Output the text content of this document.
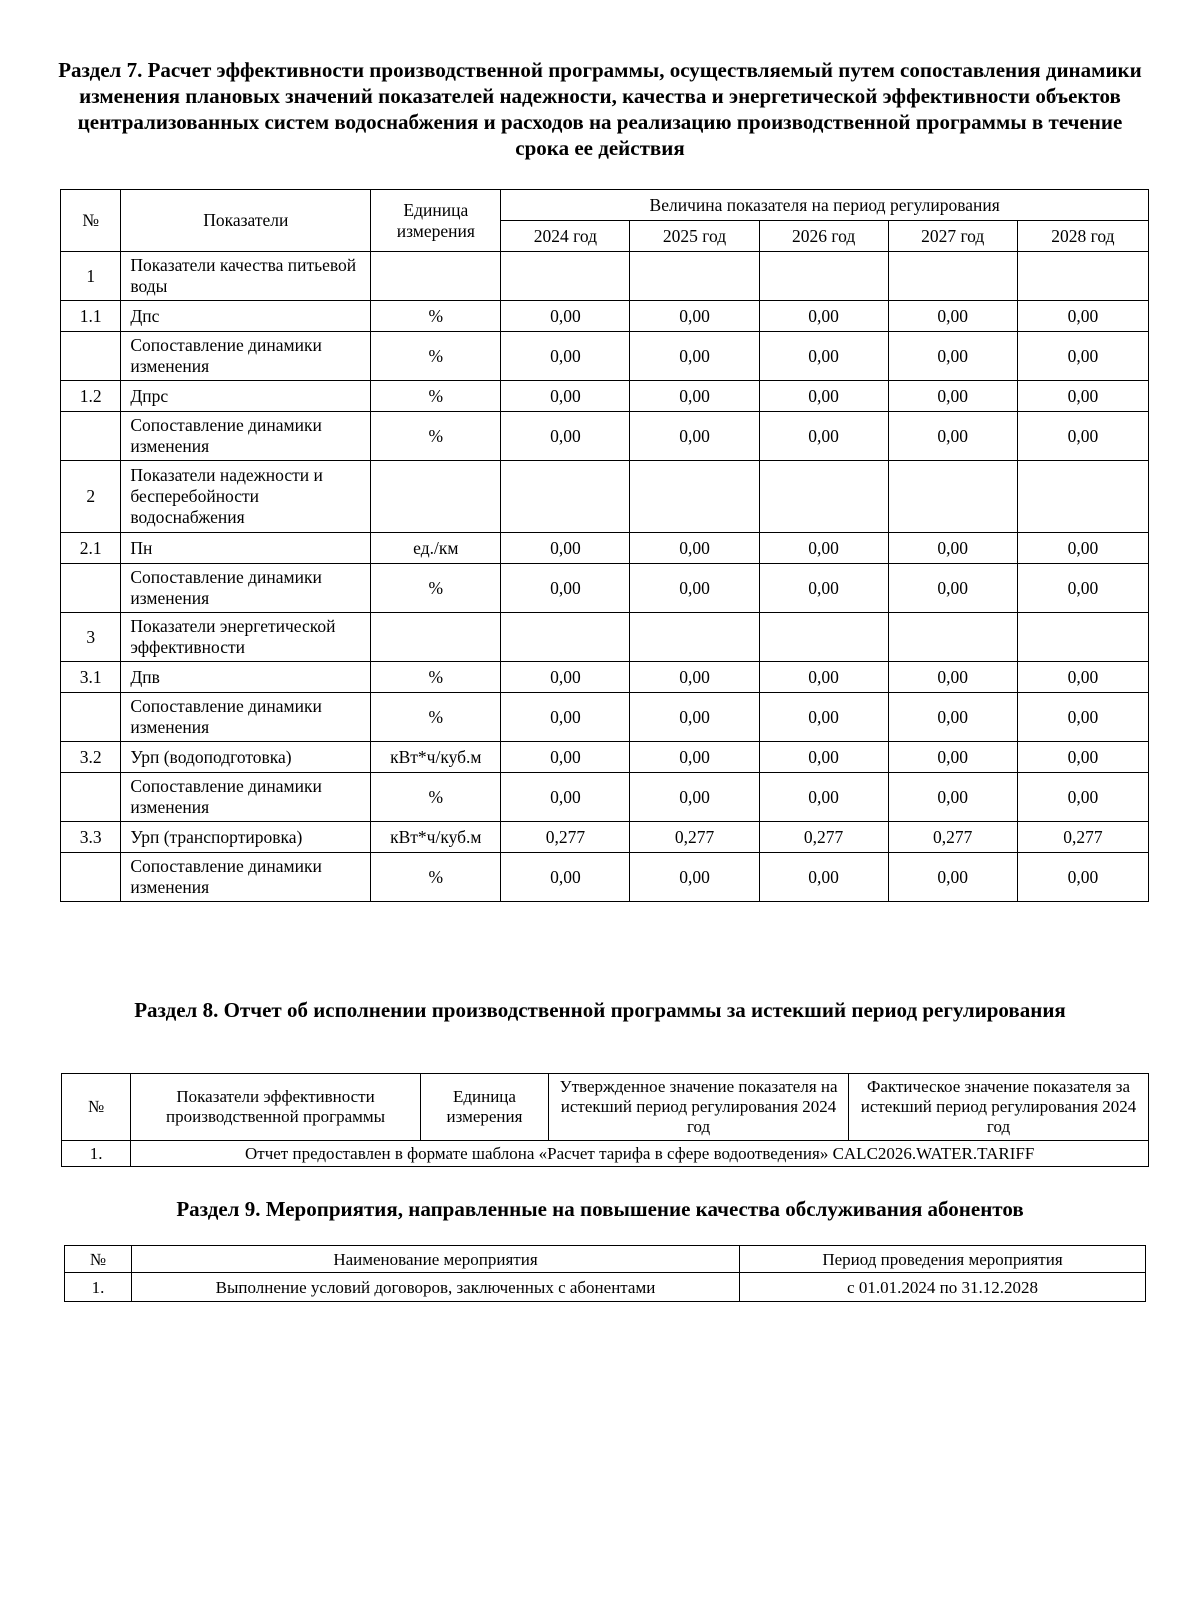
Раздел 7. Расчет эффективности производственной программы, осуществляемый путем сопоставления динамики изменения плановых значений показателей надежности, качества и энергетической эффективности объектов централизованных систем водоснабжения и расходов на реализацию производственной программы в течение срока ее действия
№	Показатели	Единица измерения	Величина показателя на период регулирования				
			2024 год	2025 год	2026 год	2027 год	2028 год
1	Показатели качества питьевой воды						
1.1	Дпс	%	0,00	0,00	0,00	0,00	0,00
	Сопоставление динамики изменения	%	0,00	0,00	0,00	0,00	0,00
1.2	Дпрс	%	0,00	0,00	0,00	0,00	0,00
	Сопоставление динамики изменения	%	0,00	0,00	0,00	0,00	0,00
2	Показатели надежности и бесперебойности водоснабжения						
2.1	Пн	ед./км	0,00	0,00	0,00	0,00	0,00
	Сопоставление динамики изменения	%	0,00	0,00	0,00	0,00	0,00
3	Показатели энергетической эффективности						
3.1	Дпв	%	0,00	0,00	0,00	0,00	0,00
	Сопоставление динамики изменения	%	0,00	0,00	0,00	0,00	0,00
3.2	Урп (водоподготовка)	кВт*ч/куб.м	0,00	0,00	0,00	0,00	0,00
	Сопоставление динамики изменения	%	0,00	0,00	0,00	0,00	0,00
3.3	Урп (транспортировка)	кВт*ч/куб.м	0,277	0,277	0,277	0,277	0,277
	Сопоставление динамики изменения	%	0,00	0,00	0,00	0,00	0,00
Раздел 8. Отчет об исполнении производственной программы за истекший период регулирования
№	Показатели эффективности производственной программы	Единица измерения	Утвержденное значение показателя на истекший период регулирования 2024 год	Фактическое значение показателя за истекший период регулирования 2024 год
1.	Отчет предоставлен в формате шаблона «Расчет тарифа в сфере водоотведения» CALC2026.WATER.TARIFF			
Раздел 9. Мероприятия, направленные на повышение качества обслуживания абонентов
№	Наименование мероприятия	Период проведения мероприятия
1.	Выполнение условий договоров, заключенных с абонентами	с 01.01.2024 по 31.12.2028
